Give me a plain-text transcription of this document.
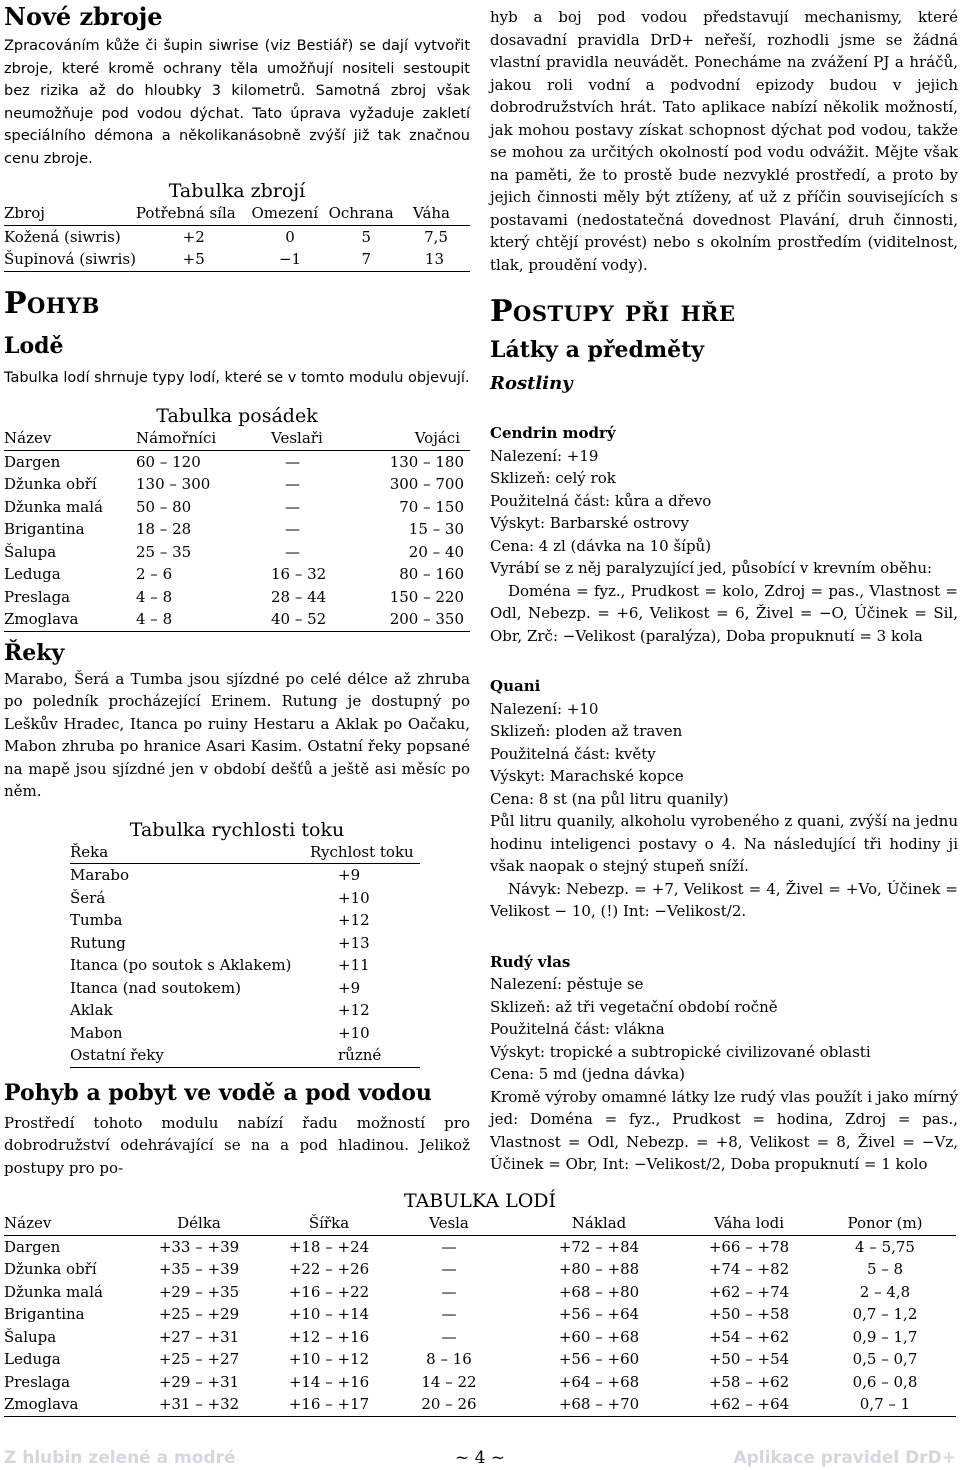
Nové zbroje

Zpracováním kůže či šupin siwrise (viz Bestiář) se dají vytvořit zbroje, které kromě ochrany těla umožňují nositeli sestoupit bez rizika až do hloubky 3 kilometrů. Samotná zbroj však neumožňuje pod vodou dýchat. Tato úprava vyžaduje zakletí speciálního démona a několikanásobně zvýší již tak značnou cenu zbroje.

Tabulka zbrojí

Zbroj	Potřebná síla	Omezení	Ochrana	Váha
Kožená (siwris)	+2	0	5	7,5
Šupinová (siwris)	+5	−1	7	13
Pohyb
Lodě

Tabulka lodí shrnuje typy lodí, které se v tomto modulu objevují.

Tabulka posádek

Název	Námořníci	Veslaři	Vojáci
Dargen	60 – 120	—	130 – 180
Džunka obří	130 – 300	—	300 – 700
Džunka malá	50 – 80	—	70 – 150
Brigantina	18 – 28	—	15 – 30
Šalupa	25 – 35	—	20 – 40
Leduga	2 – 6	16 – 32	80 – 160
Preslaga	4 – 8	28 – 44	150 – 220
Zmoglava	4 – 8	40 – 52	200 – 350
Řeky

Marabo, Šerá a Tumba jsou sjízdné po celé délce až zhruba po poledník procházející Erinem. Rutung je dostupný po Leškův Hradec, Itanca po ruiny Hestaru a Aklak po Oačaku, Mabon zhruba po hranice Asari Kasim. Ostatní řeky popsané na mapě jsou sjízdné jen v období dešťů a ještě asi měsíc po něm.

Tabulka rychlosti toku

Řeka	Rychlost toku
Marabo	+9
Šerá	+10
Tumba	+12
Rutung	+13
Itanca (po soutok s Aklakem)	+11
Itanca (nad soutokem)	+9
Aklak	+12
Mabon	+10
Ostatní řeky	různé
Pohyb a pobyt ve vodě a pod vodou

Prostředí tohoto modulu nabízí řadu možností pro dobrodružství odehrávající se na a pod hladinou. Jelikož postupy pro po-

hyb a boj pod vodou představují mechanismy, které dosavadní pravidla DrD+ neřeší, rozhodli jsme se žádná vlastní pravidla neuvádět. Ponecháme na zvážení PJ a hráčů, jakou roli vodní a podvodní epizody budou v jejich dobrodružstvích hrát. Tato aplikace nabízí několik možností, jak mohou postavy získat schopnost dýchat pod vodou, takže se mohou za určitých okolností pod vodu odvážit. Mějte však na paměti, že to prostě bude nezvyklé prostředí, a proto by jejich činnosti měly být ztíženy, ať už z příčin souvisejících s postavami (nedostatečná dovednost Plavání, druh činnosti, který chtějí provést) nebo s okolním prostředím (viditelnost, tlak, proudění vody).

Postupy při hře
Látky a předměty
Rostliny
Cendrin modrý

Nalezení: +19

Sklizeň: celý rok

Použitelná část: kůra a dřevo

Výskyt: Barbarské ostrovy

Cena: 4 zl (dávka na 10 šípů)

Vyrábí se z něj paralyzující jed, působící v krevním oběhu:

Doména = fyz., Prudkost = kolo, Zdroj = pas., Vlastnost = Odl, Nebezp. = +6, Velikost = 6, Živel = −O, Účinek = Sil, Obr, Zrč: −Velikost (paralýza), Doba propuknutí = 3 kola

Quani

Nalezení: +10

Sklizeň: ploden až traven

Použitelná část: květy

Výskyt: Marachské kopce

Cena: 8 st (na půl litru quanily)

Půl litru quanily, alkoholu vyrobeného z quani, zvýší na jednu hodinu inteligenci postavy o 4. Na následující tři hodiny ji však naopak o stejný stupeň sníží.

Návyk: Nebezp. = +7, Velikost = 4, Živel = +Vo, Účinek = Velikost − 10, (!) Int: −Velikost/2.

Rudý vlas

Nalezení: pěstuje se

Sklizeň: až tři vegetační období ročně

Použitelná část: vlákna

Výskyt: tropické a subtropické civilizované oblasti

Cena: 5 md (jedna dávka)

Kromě výroby omamné látky lze rudý vlas použít i jako mírný jed: Doména = fyz., Prudkost = hodina, Zdroj = pas., Vlastnost = Odl, Nebezp. = +8, Velikost = 8, Živel = −Vz, Účinek = Obr, Int: −Velikost/2, Doba propuknutí = 1 kolo

TABULKA LODÍ

Název	Délka	Šířka	Vesla	Náklad	Váha lodi	Ponor (m)
Dargen	+33 – +39	+18 – +24	—	+72 – +84	+66 – +78	4 – 5,75
Džunka obří	+35 – +39	+22 – +26	—	+80 – +88	+74 – +82	5 – 8
Džunka malá	+29 – +35	+16 – +22	—	+68 – +80	+62 – +74	2 – 4,8
Brigantina	+25 – +29	+10 – +14	—	+56 – +64	+50 – +58	0,7 – 1,2
Šalupa	+27 – +31	+12 – +16	—	+60 – +68	+54 – +62	0,9 – 1,7
Leduga	+25 – +27	+10 – +12	8 – 16	+56 – +60	+50 – +54	0,5 – 0,7
Preslaga	+29 – +31	+14 – +16	14 – 22	+64 – +68	+58 – +62	0,6 – 0,8
Zmoglava	+31 – +32	+16 – +17	20 – 26	+68 – +70	+62 – +64	0,7 – 1
Z hlubin zelené a modré	~ 4 ~	Aplikace pravidel DrD+
